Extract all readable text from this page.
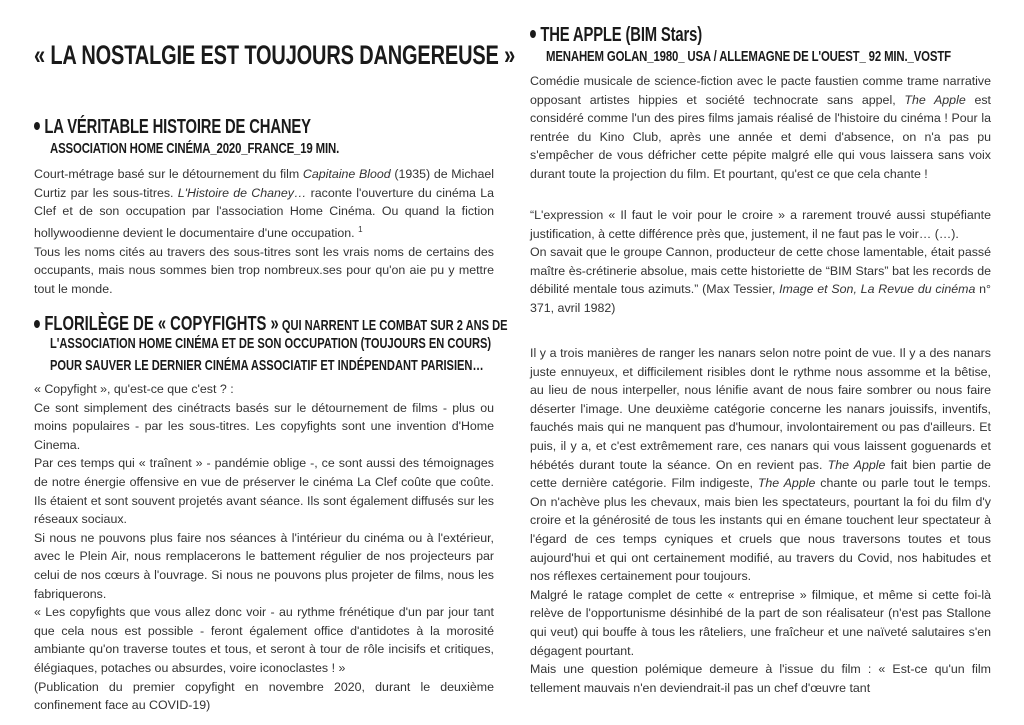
« LA NOSTALGIE EST TOUJOURS DANGEREUSE »
LA VÉRITABLE HISTOIRE DE CHANEY
ASSOCIATION HOME CINÉMA_2020_FRANCE_19 MIN.

Court-métrage basé sur le détournement du film Capitaine Blood (1935) de Michael Curtiz par les sous-titres. L'Histoire de Chaney… raconte l'ouverture du cinéma La Clef et de son occupation par l'association Home Cinéma. Ou quand la fiction hollywoodienne devient le documentaire d'une occupation. $^1$

Tous les noms cités au travers des sous-titres sont les vrais noms de certains des occupants, mais nous sommes bien trop nombreux.ses pour qu'on aie pu y mettre tout le monde.

FLORILÈGE DE « COPYFIGHTS » QUI NARRENT LE COMBAT SUR 2 ANS DE
L'ASSOCIATION HOME CINÉMA ET DE SON OCCUPATION (TOUJOURS EN COURS)
POUR SAUVER LE DERNIER CINÉMA ASSOCIATIF ET INDÉPENDANT PARISIEN…

« Copyfight », qu'est-ce que c'est ? :

Ce sont simplement des cinétracts basés sur le détournement de films - plus ou moins populaires - par les sous-titres. Les copyfights sont une invention d'Home Cinema.

Par ces temps qui « traînent » - pandémie oblige -, ce sont aussi des témoignages de notre énergie offensive en vue de préserver le cinéma La Clef coûte que coûte. Ils étaient et sont souvent projetés avant séance. Ils sont également diffusés sur les réseaux sociaux.

Si nous ne pouvons plus faire nos séances à l'intérieur du cinéma ou à l'extérieur, avec le Plein Air, nous remplacerons le battement régulier de nos projecteurs par celui de nos cœurs à l'ouvrage. Si nous ne pouvons plus projeter de films, nous les fabriquerons.

« Les copyfights que vous allez donc voir - au rythme frénétique d'un par jour tant que cela nous est possible - feront également office d'antidotes à la morosité ambiante qu'on traverse toutes et tous, et seront à tour de rôle incisifs et critiques, élégiaques, potaches ou absurdes, voire iconoclastes ! »

(Publication du premier copyfight en novembre 2020, durant le deuxième confinement face au COVID-19)

THE APPLE (BIM Stars)
MENAHEM GOLAN_1980_ USA / ALLEMAGNE DE L'OUEST_ 92 MIN._VOSTF

Comédie musicale de science-fiction avec le pacte faustien comme trame narrative opposant artistes hippies et société technocrate sans appel, The Apple est considéré comme l'un des pires films jamais réalisé de l'histoire du cinéma ! Pour la rentrée du Kino Club, après une année et demi d'absence, on n'a pas pu s'empêcher de vous défricher cette pépite malgré elle qui vous laissera sans voix durant toute la projection du film. Et pourtant, qu'est ce que cela chante !

“L'expression « Il faut le voir pour le croire » a rarement trouvé aussi stupéfiante justification, à cette différence près que, justement, il ne faut pas le voir… (…).

On savait que le groupe Cannon, producteur de cette chose lamentable, était passé maître ès-crétinerie absolue, mais cette historiette de “BIM Stars” bat les records de débilité mentale tous azimuts.” (Max Tessier, Image et Son, La Revue du cinéma n° 371, avril 1982)

Il y a trois manières de ranger les nanars selon notre point de vue. Il y a des nanars juste ennuyeux, et difficilement risibles dont le rythme nous assomme et la bêtise, au lieu de nous interpeller, nous lénifie avant de nous faire sombrer ou nous faire déserter l'image. Une deuxième catégorie concerne les nanars jouissifs, inventifs, fauchés mais qui ne manquent pas d'humour, involontairement ou pas d'ailleurs. Et puis, il y a, et c'est extrêmement rare, ces nanars qui vous laissent goguenards et hébétés durant toute la séance. On en revient pas. The Apple fait bien partie de cette dernière catégorie. Film indigeste, The Apple chante ou parle tout le temps. On n'achève plus les chevaux, mais bien les spectateurs, pourtant la foi du film d'y croire et la générosité de tous les instants qui en émane touchent leur spectateur à l'égard de ces temps cyniques et cruels que nous traversons toutes et tous aujourd'hui et qui ont certainement modifié, au travers du Covid, nos habitudes et nos réflexes certainement pour toujours.

Malgré le ratage complet de cette « entreprise » filmique, et même si cette foi-là relève de l'opportunisme désinhibé de la part de son réalisateur (n'est pas Stallone qui veut) qui bouffe à tous les râteliers, une fraîcheur et une naïveté salutaires s'en dégagent pourtant.

Mais une question polémique demeure à l'issue du film : « Est-ce qu'un film tellement mauvais n'en deviendrait-il pas un chef d'œuvre tant
